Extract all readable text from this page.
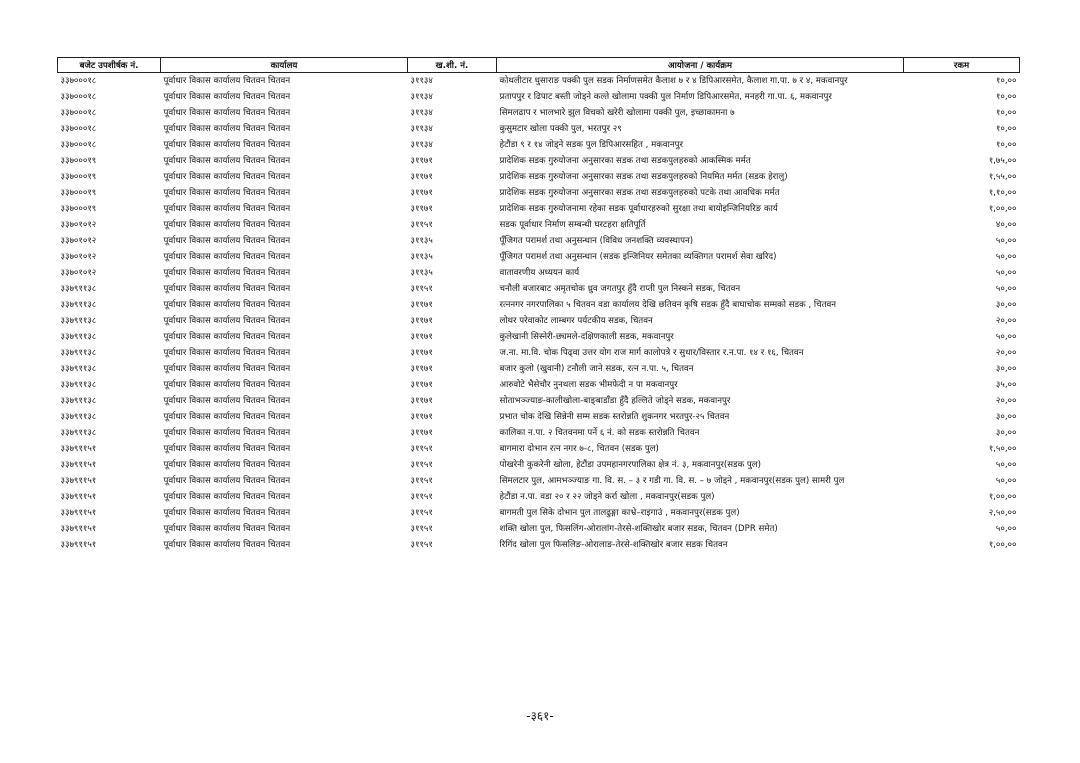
बजेट उपशीर्षक नं.	कार्यालय	ख.शी. नं.	आयोजना / कार्यक्रम	रकम
३३७०००१८	पूर्वाधार विकास कार्यालय चितवन चितवन	३११३४	कोथलीटार धुसाराङ पक्की पुल सडक निर्माणसमेत कैलाश ७ र ४ डिपिआरसमेत, कैलाश गा.पा. ७ र ४, मकवानपुर	१०,००
३३७०००१८	पूर्वाधार विकास कार्यालय चितवन चितवन	३११३४	प्रतापपुर र ढिपाट बस्ती जोड्ने कल्ते खोलामा पक्की पुल निर्माण डिपिआरसमेत, मनहरी गा.पा. ६, मकवानपुर	१०,००
३३७०००१८	पूर्वाधार विकास कार्यालय चितवन चितवन	३११३४	सिमलढाप र भालभारे झुल विचको खरेरी खोलामा पक्की पुल, इच्छाकामना ७	१०,००
३३७०००१८	पूर्वाधार विकास कार्यालय चितवन चितवन	३११३४	कुसुमटार खोला पक्की पुल, भरतपुर २९	१०,००
३३७०००१८	पूर्वाधार विकास कार्यालय चितवन चितवन	३११३४	हेटौंडा ९ र १४ जोड्ने सडक पुल डिपिआरसहित , मकवानपुर	१०,००
३३७०००१९	पूर्वाधार विकास कार्यालय चितवन चितवन	३११७१	प्रादेशिक सडक गुरुयोजना अनुसारका सडक तथा सडकपुलहरुको आकस्मिक मर्मत	१,७५,००
३३७०००१९	पूर्वाधार विकास कार्यालय चितवन चितवन	३११७१	प्रादेशिक सडक गुरुयोजना अनुसारका सडक तथा सडकपुलहरुको नियमित मर्मत (सडक हेरालु)	१,५५,००
३३७०००१९	पूर्वाधार विकास कार्यालय चितवन चितवन	३११७१	प्रादेशिक सडक गुरुयोजना अनुसारका सडक तथा सडकपुलहरुको पटके तथा आवधिक मर्मत	१,१०,००
३३७०००१९	पूर्वाधार विकास कार्यालय चितवन चितवन	३११७१	प्रादेशिक सडक गुरुयोजनामा रहेका सडक पूर्वाधारहरुको सुरक्षा तथा बायोइन्जिनियरिङ कार्य	१,००,००
३३७०१०१२	पूर्वाधार विकास कार्यालय चितवन चितवन	३११५१	सडक पूर्वाधार निर्माण सम्बन्धी घरटहरा क्षतिपूर्ति	४०,००
३३७०१०१२	पूर्वाधार विकास कार्यालय चितवन चितवन	३११३५	पूँजिगत परामर्श तथा अनुसन्धान (विविध जनशक्ति व्यवस्थापन)	५०,००
३३७०१०१२	पूर्वाधार विकास कार्यालय चितवन चितवन	३११३५	पूँजिगत परामर्श तथा अनुसन्धान (सडक इन्जिनियर समेतका व्यक्तिगत परामर्श सेवा खरिद)	५०,००
३३७०१०१२	पूर्वाधार विकास कार्यालय चितवन चितवन	३११३५	वातावरणीय अध्ययन कार्य	५०,००
३३७९११३८	पूर्वाधार विकास कार्यालय चितवन चितवन	३११५१	चनौली बजारबाट अमृतचोक ध्रुव जगतपुर हुँदै राप्ती पुल निस्कने सडक, चितवन	५०,००
३३७९११३८	पूर्वाधार विकास कार्यालय चितवन चितवन	३११७१	रत्ननगर नगरपालिका ५ चितवन वडा कार्यालय देखि छतिवन कृषि सडक हुँदै बाघाचोक सम्मको सडक , चितवन	३०,००
३३७९११३८	पूर्वाधार विकास कार्यालय चितवन चितवन	३११७१	लोथर परेवाकोट लाम्बगर पर्यटकीय सडक, चितवन	२०,००
३३७९११३८	पूर्वाधार विकास कार्यालय चितवन चितवन	३११७१	कुलेखानी सिस्नेरी-छ्यमले-दक्षिणकाली सडक, मकवानपुर	५०,००
३३७९११३८	पूर्वाधार विकास कार्यालय चितवन चितवन	३११७१	ज.ना. मा.वि. चोक पिढ्वा उत्तर योग राज मार्ग कालोपत्रे र सुधार/विस्तार र.न.पा. १४ र १६, चितवन	२०,००
३३७९११३८	पूर्वाधार विकास कार्यालय चितवन चितवन	३११७१	बजार कुलो (खुवानी) टनौली जाने सडक, रत्न न.पा. ५, चितवन	३०,००
३३७९११३८	पूर्वाधार विकास कार्यालय चितवन चितवन	३११७१	आरुवोटे भैसेचौर नुनथला सडक भीमफेदी न पा मकवानपुर	३५,००
३३७९११३८	पूर्वाधार विकास कार्यालय चितवन चितवन	३११७१	सोताभञ्ज्याङ-कालीखोला-बाङ्बाडाँडा हुँदै हल्लिते जोड्ने सडक, मकवानपुर	२०,००
३३७९११३८	पूर्वाधार विकास कार्यालय चितवन चितवन	३११७१	प्रभात चोक देखि सिन्नेनी सम्म सडक स्तरोन्नति शुकनगर भरतपुर-२५ चितवन	३०,००
३३७९११३८	पूर्वाधार विकास कार्यालय चितवन चितवन	३११७१	कालिका न.पा. २ चितवनमा पर्ने ६ नं. को सडक स्तरोन्नति चितवन	३०,००
३३७९११५१	पूर्वाधार विकास कार्यालय चितवन चितवन	३११५१	बागमारा दोभान रत्न नगर ७-८, चितवन (सडक पुल)	१,५०,००
३३७९११५१	पूर्वाधार विकास कार्यालय चितवन चितवन	३११५१	पोखरेनी कुकरेनी खोला, हेटौंडा उपमहानगरपालिका क्षेत्र नं. ३, मकवानपुर(सडक पुल)	५०,००
३३७९११५१	पूर्वाधार विकास कार्यालय चितवन चितवन	३११५१	सिमलटार पुल, आमभञ्ज्याङ गा. वि. स. – ३ र गडी गा. वि. स. – ७ जोड्ने , मकवानपुर(सडक पुल) सामरी पुल	५०,००
३३७९११५१	पूर्वाधार विकास कार्यालय चितवन चितवन	३११५१	हेटौंडा न.पा. वडा २० र २२ जोड्ने कर्रा खोला , मकवानपुर(सडक पुल)	१,००,००
३३७९११५१	पूर्वाधार विकास कार्यालय चितवन चितवन	३११५१	बागमती पुल सिके दोभान पुल तालढुङ्गा काभ्रे–राइगाउं , मकवानपुर(सडक पुल)	२,५०,००
३३७९११५१	पूर्वाधार विकास कार्यालय चितवन चितवन	३११५१	शक्ति खोला पुल, फिसलिंग-ओरालांग-तेरसे-शक्तिखोर बजार सडक, चितवन (DPR समेत)	५०,००
३३७९११५१	पूर्वाधार विकास कार्यालय चितवन चितवन	३११५१	रिगिंद खोला पुल फिसलिङ-ओरालाङ-तेरसे-शक्तिखोर बजार सडक चितवन	१,००,००
-३६१-
